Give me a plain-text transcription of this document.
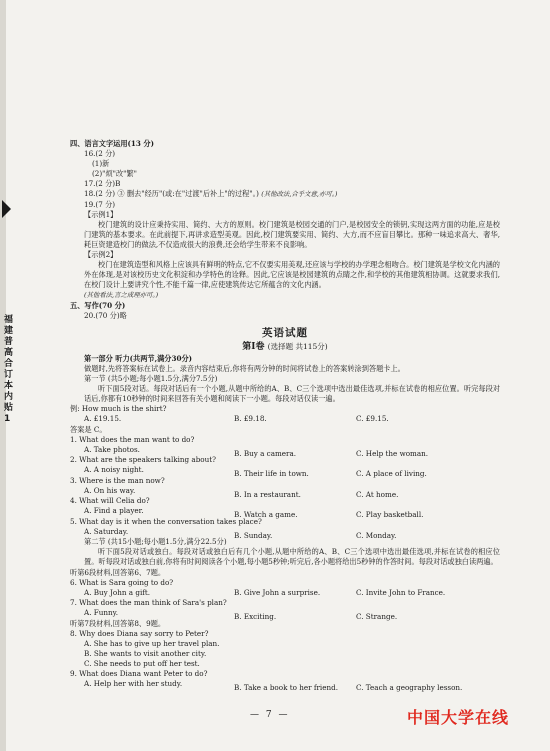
福建普高合订本内贴1
四、语言文字运用(13 分)
16.(2 分)
(1)新
(2)"烦"改"繁"
17.(2 分)B
18.(2 分) ③ 删去"经历"(或:在"过渡"后补上"的过程"。) (其他改法,合乎文意,亦可。)
19.(7 分)
【示例1】
校门建筑的设计应秉持实用、简约、大方的原则。校门建筑是校园交通的门户,是校园安全的锁钥,实现这两方面的功能,应是校门建筑的基本要求。在此前提下,再讲求造型美观。因此,校门建筑要实用、简约、大方,而不应盲目攀比。那种一味追求高大、奢华,耗巨资建造校门的做法,不仅造成很大的浪费,还会给学生带来不良影响。
【示例2】
校门在建筑造型和风格上应该具有鲜明的特点,它不仅要实用美观,还应该与学校的办学理念相吻合。校门建筑是学校文化内涵的外在体现,是对该校历史文化积淀和办学特色的诠释。因此,它应该是校园建筑的点睛之作,和学校的其他建筑相协调。这就要求我们,在校门设计上要讲究个性,不能千篇一律,应使建筑传达它所蕴含的文化内涵。
(其他看法,言之成理亦可。)
五、写作(70 分)
20.(70 分)略
英语试题
第Ⅰ卷 (选择题 共115分)
第一部分 听力(共两节,满分30分)
做题时,先将答案标在试卷上。录音内容结束后,你将有两分钟的时间将试卷上的答案转涂到答题卡上。
第一节 (共5小题;每小题1.5分,满分7.5分)
听下面5段对话。每段对话后有一个小题,从题中所给的A、B、C三个选项中选出最佳选项,并标在试卷的相应位置。听完每段对话后,你都有10秒钟的时间来回答有关小题和阅读下一小题。每段对话仅读一遍。
例: How much is the shirt?
A. £19.15.	B. £9.18.	C. £9.15.
答案是 C。
1. What does the man want to do?
A. Take photos.	B. Buy a camera.	C. Help the woman.
2. What are the speakers talking about?
A. A noisy night.	B. Their life in town.	C. A place of living.
3. Where is the man now?
A. On his way.	B. In a restaurant.	C. At home.
4. What will Celia do?
A. Find a player.	B. Watch a game.	C. Play basketball.
5. What day is it when the conversation takes place?
A. Saturday.	B. Sunday.	C. Monday.
第二节 (共15小题;每小题1.5分,满分22.5分)
听下面5段对话或独白。每段对话或独白后有几个小题,从题中所给的A、B、C三个选项中选出最佳选项,并标在试卷的相应位置。听每段对话或独白前,你将有时间阅读各个小题,每小题5秒钟;听完后,各小题将给出5秒钟的作答时间。每段对话或独白读两遍。
听第6段材料,回答第6、7题。
6. What is Sara going to do?
A. Buy John a gift.	B. Give John a surprise.	C. Invite John to France.
7. What does the man think of Sara's plan?
A. Funny.	B. Exciting.	C. Strange.
听第7段材料,回答第8、9题。
8. Why does Diana say sorry to Peter?
A. She has to give up her travel plan.
B. She wants to visit another city.
C. She needs to put off her test.
9. What does Diana want Peter to do?
A. Help her with her study.	B. Take a book to her friend.	C. Teach a geography lesson.
— 7 —	中国大学在线
